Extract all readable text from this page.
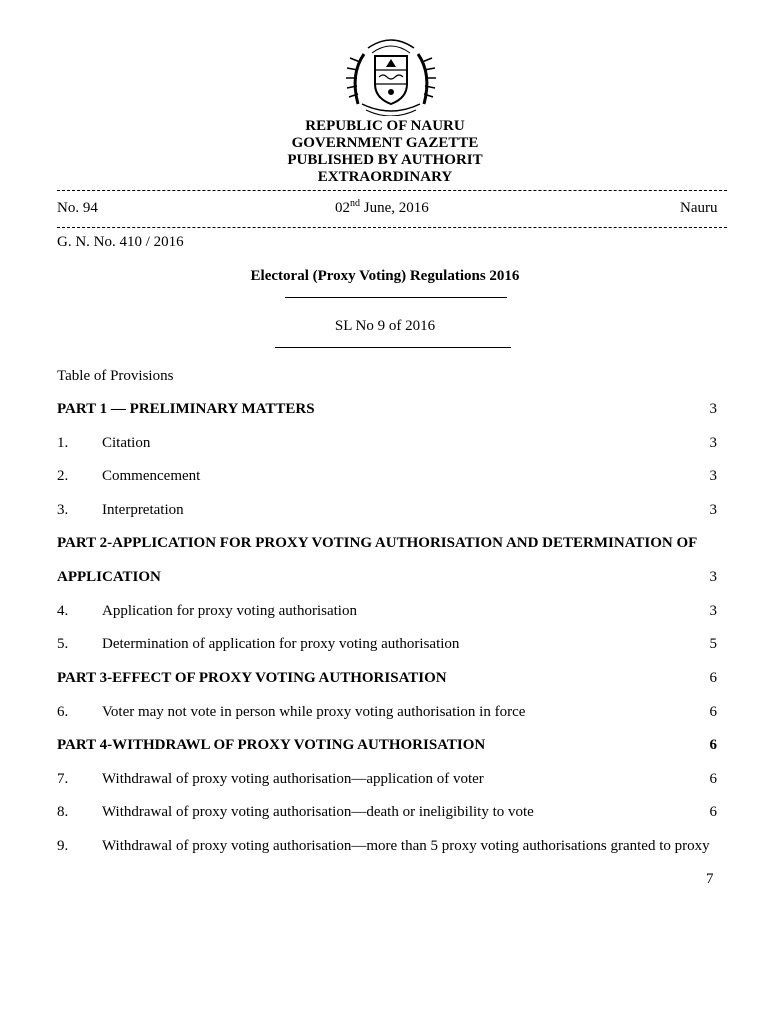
REPUBLIC OF NAURU
GOVERNMENT GAZETTE
PUBLISHED BY AUTHORIT
EXTRAORDINARY
No. 94	02nd June, 2016	Nauru
G. N. No. 410 / 2016
Electoral (Proxy Voting) Regulations 2016
SL No 9 of 2016
Table of Provisions
PART 1 — PRELIMINARY MATTERS	3
1. Citation	3
2. Commencement	3
3. Interpretation	3
PART 2-APPLICATION FOR PROXY VOTING AUTHORISATION AND DETERMINATION OF
APPLICATION	3
4. Application for proxy voting authorisation	3
5. Determination of application for proxy voting authorisation	5
PART 3-EFFECT OF PROXY VOTING AUTHORISATION	6
6. Voter may not vote in person while proxy voting authorisation in force	6
PART 4-WITHDRAWL OF PROXY VOTING AUTHORISATION	6
7. Withdrawal of proxy voting authorisation—application of voter	6
8. Withdrawal of proxy voting authorisation—death or ineligibility to vote	6
9. Withdrawal of proxy voting authorisation—more than 5 proxy voting authorisations granted to proxy
7
